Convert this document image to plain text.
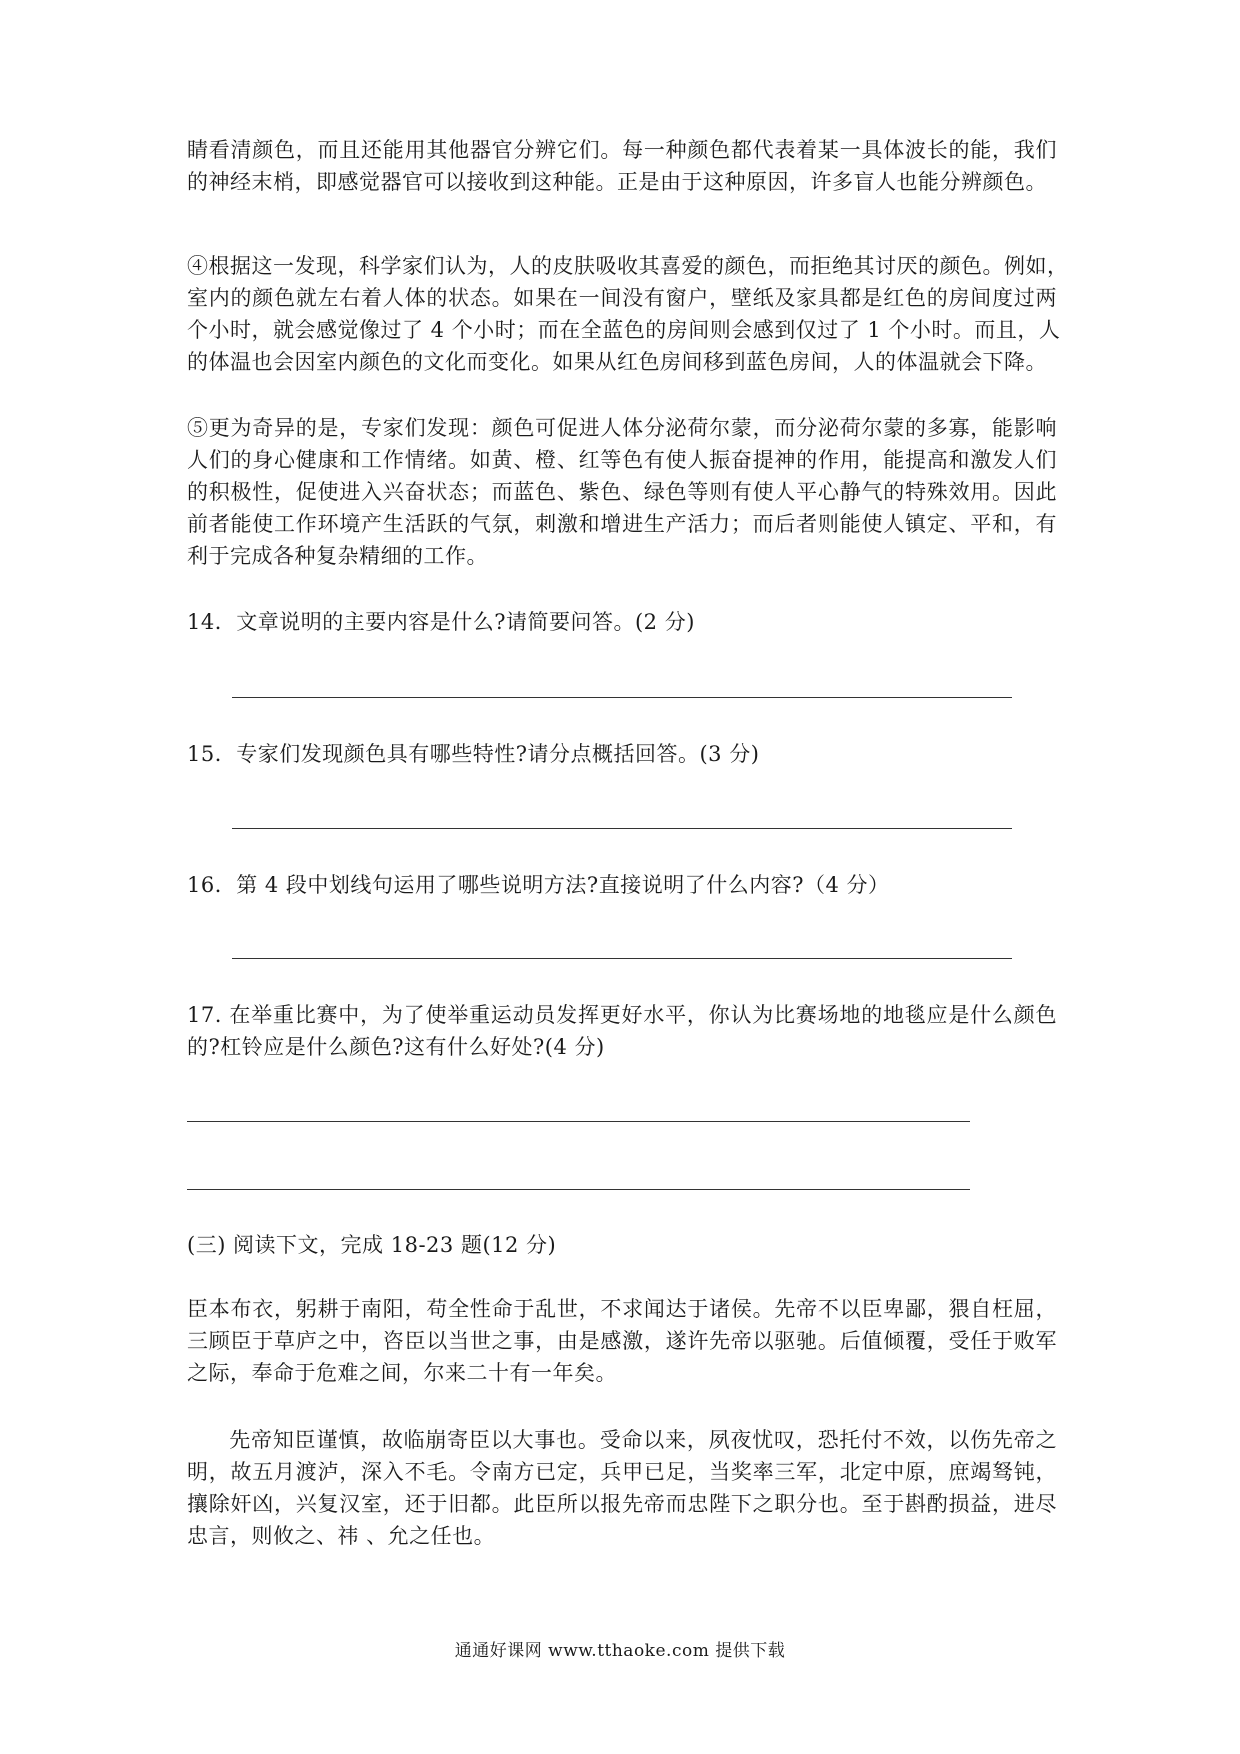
睛看清颜色，而且还能用其他器官分辨它们。每一种颜色都代表着某一具体波长的能，我们
的神经末梢，即感觉器官可以接收到这种能。正是由于这种原因，许多盲人也能分辨颜色。
④根据这一发现，科学家们认为，人的皮肤吸收其喜爱的颜色，而拒绝其讨厌的颜色。例如，
室内的颜色就左右着人体的状态。如果在一间没有窗户，壁纸及家具都是红色的房间度过两
个小时，就会感觉像过了 4 个小时；而在全蓝色的房间则会感到仅过了 1 个小时。而且，人
的体温也会因室内颜色的文化而变化。如果从红色房间移到蓝色房间，人的体温就会下降。
⑤更为奇异的是，专家们发现：颜色可促进人体分泌荷尔蒙，而分泌荷尔蒙的多寡，能影响
人们的身心健康和工作情绪。如黄、橙、红等色有使人振奋提神的作用，能提高和激发人们
的积极性，促使进入兴奋状态；而蓝色、紫色、绿色等则有使人平心静气的特殊效用。因此
前者能使工作环境产生活跃的气氛，刺激和增进生产活力；而后者则能使人镇定、平和，有
利于完成各种复杂精细的工作。
14．文章说明的主要内容是什么?请简要问答。(2 分)
15．专家们发现颜色具有哪些特性?请分点概括回答。(3 分)
16．第 4 段中划线句运用了哪些说明方法?直接说明了什么内容?（4 分）
17. 在举重比赛中，为了使举重运动员发挥更好水平，你认为比赛场地的地毯应是什么颜色
的?杠铃应是什么颜色?这有什么好处?(4 分)
(三) 阅读下文，完成 18-23 题(12 分)
臣本布衣，躬耕于南阳，苟全性命于乱世，不求闻达于诸侯。先帝不以臣卑鄙，猥自枉屈，
三顾臣于草庐之中，咨臣以当世之事，由是感激，遂许先帝以驱驰。后值倾覆，受任于败军
之际，奉命于危难之间，尔来二十有一年矣。
先帝知臣谨慎，故临崩寄臣以大事也。受命以来，夙夜忧叹，恐托付不效，以伤先帝之
明，故五月渡泸，深入不毛。令南方已定，兵甲已足，当奖率三军，北定中原，庶竭驽钝，
攘除奸凶，兴复汉室，还于旧都。此臣所以报先帝而忠陛下之职分也。至于斟酌损益，进尽
忠言，则攸之、祎 、允之任也。
通通好课网 www.tthaoke.com 提供下载
